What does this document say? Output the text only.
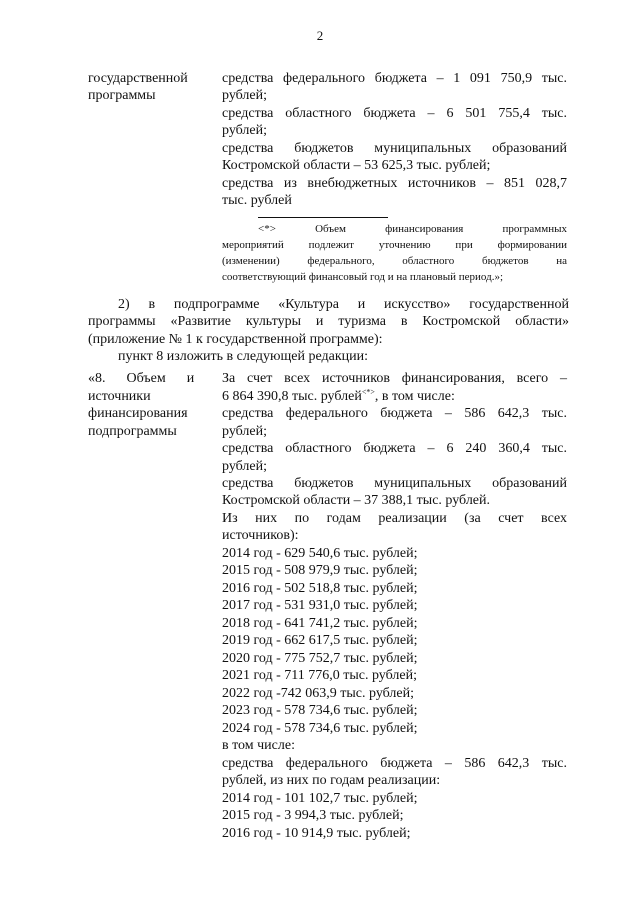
2
государственной
программы
средства федерального бюджета – 1 091 750,9 тыс.
рублей;
средства областного бюджета – 6 501 755,4 тыс.
рублей;
средства бюджетов муниципальных образований
Костромской области – 53 625,3 тыс. рублей;
средства из внебюджетных источников – 851 028,7
тыс. рублей
<*> Объем финансирования программных
мероприятий подлежит уточнению при формировании
(изменении) федерального, областного бюджетов на
соответствующий финансовый год и на плановый период.»;
2) в подпрограмме «Культура и искусство» государственной
программы «Развитие культуры и туризма в Костромской области»
(приложение № 1 к государственной программе):
пункт 8 изложить в следующей редакции:
«8.      Объем      и
источники
финансирования
подпрограммы
За счет всех источников финансирования, всего –
6 864 390,8 тыс. рублей<*>, в том числе:
средства федерального бюджета – 586 642,3 тыс.
рублей;
средства областного бюджета – 6 240 360,4 тыс.
рублей;
средства бюджетов муниципальных образований
Костромской области – 37 388,1 тыс. рублей.
Из них по годам реализации (за счет всех
источников):
2014 год - 629 540,6 тыс. рублей;
2015 год - 508 979,9 тыс. рублей;
2016 год - 502 518,8 тыс. рублей;
2017 год - 531 931,0 тыс. рублей;
2018 год - 641 741,2 тыс. рублей;
2019 год - 662 617,5 тыс. рублей;
2020 год - 775 752,7 тыс. рублей;
2021 год - 711 776,0 тыс. рублей;
2022 год -742 063,9 тыс. рублей;
2023 год - 578 734,6 тыс. рублей;
2024 год - 578 734,6 тыс. рублей;
в том числе:
средства федерального бюджета – 586 642,3 тыс.
рублей, из них по годам реализации:
2014 год - 101 102,7 тыс. рублей;
2015 год - 3 994,3 тыс. рублей;
2016 год - 10 914,9 тыс. рублей;
